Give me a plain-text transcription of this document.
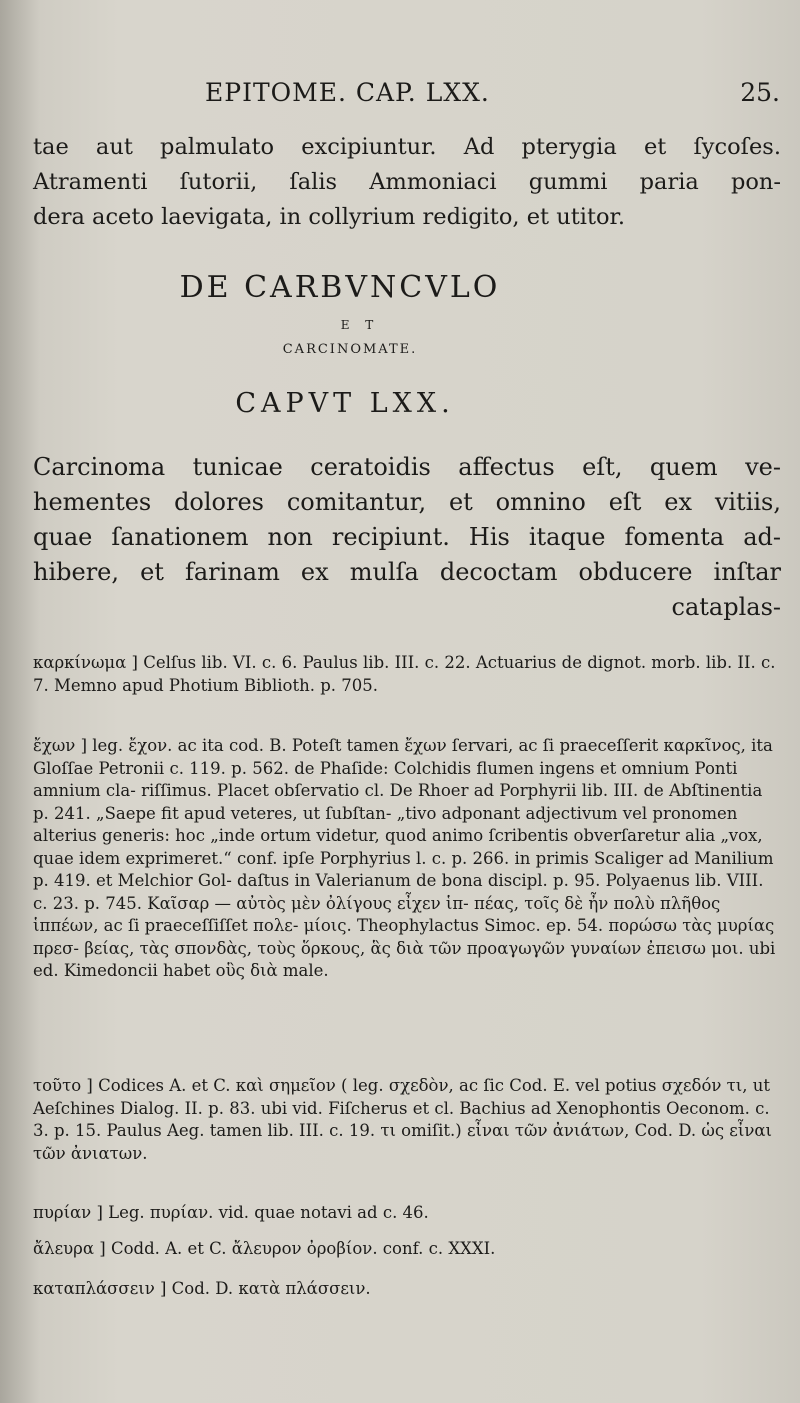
EPITOME. CAP. LXX.	25.
tae aut palmulato excipiuntur. Ad pterygia et ſycoſes.
Atramenti ſutorii, ſalis Ammoniaci gummi paria pon-
dera aceto laevigata, in collyrium redigito, et utitor.
DE CARBVNCVLO
E T
CARCINOMATE.
CAPVT LXX.
Carcinoma tunicae ceratoidis affectus eſt, quem ve-
hementes dolores comitantur, et omnino eſt ex vitiis,
quae ſanationem non recipiunt. His itaque fomenta ad-
hibere, et farinam ex mulſa decoctam obducere inſtar
cataplas-
καρκίνωμα ] Celſus lib. VI. c. 6. Paulus lib. III. c. 22. Actuarius de dignot. morb. lib. II. c. 7. Memno apud Photium Biblioth. p. 705.
ἔχων ] leg. ἔχον. ac ita cod. B. Poteſt tamen ἔχων ſervari, ac ſi praeceſſerit καρκῖνος, ita Gloſſae Petronii c. 119. p. 562. de Phaſide: Colchidis flumen ingens et omnium Ponti amnium cla- riſſimus. Placet obſervatio cl. De Rhoer ad Porphyrii lib. III. de Abſtinentia p. 241. „Saepe fit apud veteres, ut ſubſtan- „tivo adponant adjectivum vel pronomen alterius generis: hoc „inde ortum videtur, quod animo ſcribentis obverſaretur alia „vox, quae idem exprimeret.“ conf. ipſe Porphyrius l. c. p. 266. in primis Scaliger ad Manilium p. 419. et Melchior Gol- daſtus in Valerianum de bona discipl. p. 95. Polyaenus lib. VIII. c. 23. p. 745. Καῖσαρ — αὐτὸς μὲν ὀλίγους εἶχεν ἱπ- πέας, τοῖς δὲ ἦν πολὺ πλῆθος ἱππέων, ac ſi praeceſſiſſet πολε- μίοις. Theophylactus Simoc. ep. 54. πορώσω τὰς μυρίας πρεσ- βείας, τὰς σπονδὰς, τοὺς ὅρκους, ἃς διὰ τῶν προαγωγῶν γυναίων ἐπεισω μοι. ubi ed. Kimedoncii habet οὓς διὰ male.
τοῦτο ] Codices A. et C. καὶ σημεῖον ( leg. σχεδὸν, ac ſic Cod. E. vel potius σχεδόν τι, ut Aeſchines Dialog. II. p. 83. ubi vid. Fiſcherus et cl. Bachius ad Xenophontis Oeconom. c. 3. p. 15. Paulus Aeg. tamen lib. III. c. 19. τι omiſit.) εἶναι τῶν ἀνιάτων, Cod. D. ὡς εἶναι τῶν ἀνιατων.
πυρίαν ] Leg. πυρίαν. vid. quae notavi ad c. 46.
ἄλευρα ] Codd. A. et C. ἄλευρον ὀροβίον. conf. c. XXXI.
καταπλάσσειν ] Cod. D. κατὰ πλάσσειν.
